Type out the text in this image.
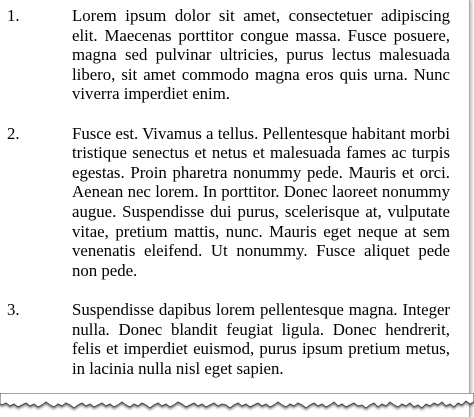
1.	Lorem ipsum dolor sit amet, consectetuer adipiscing elit. Maecenas porttitor congue massa. Fusce posuere, magna sed pulvinar ultricies, purus lectus malesuada libero, sit amet commodo magna eros quis urna. Nunc viverra imperdiet enim.
2.	Fusce est. Vivamus a tellus. Pellentesque habitant morbi tristique senectus et netus et malesuada fames ac turpis egestas. Proin pharetra nonummy pede. Mauris et orci. Aenean nec lorem. In porttitor. Donec laoreet nonummy augue. Suspendisse dui purus, scelerisque at, vulputate vitae, pretium mattis, nunc. Mauris eget neque at sem venenatis eleifend. Ut nonummy. Fusce aliquet pede non pede.
3.	Suspendisse dapibus lorem pellentesque magna. Integer nulla. Donec blandit feugiat ligula. Donec hendrerit, felis et imperdiet euismod, purus ipsum pretium metus, in lacinia nulla nisl eget sapien.
